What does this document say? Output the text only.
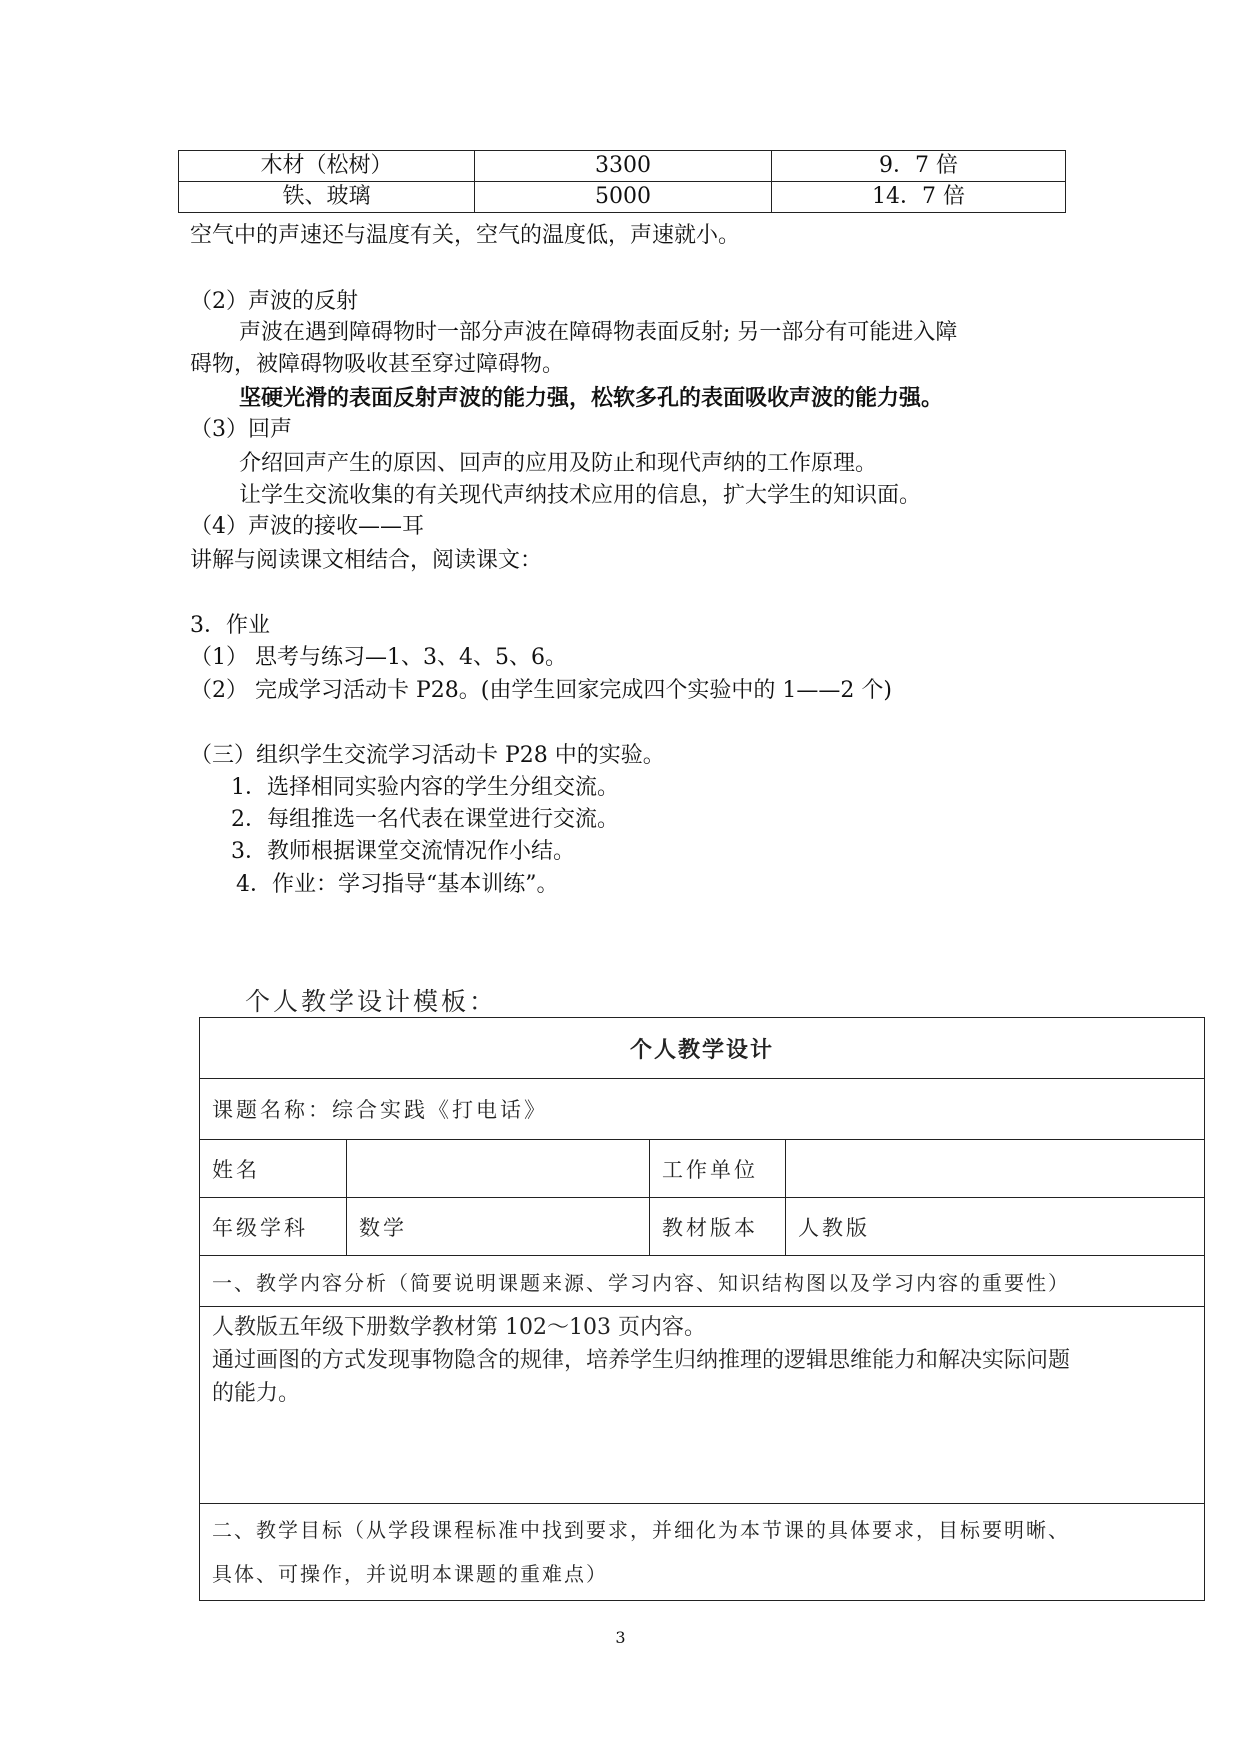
木材（松树）	3300	9．7 倍
铁、玻璃	5000	14．7 倍
空气中的声速还与温度有关，空气的温度低，声速就小。
（2）声波的反射
声波在遇到障碍物时一部分声波在障碍物表面反射; 另一部分有可能进入障
碍物，被障碍物吸收甚至穿过障碍物。
坚硬光滑的表面反射声波的能力强，松软多孔的表面吸收声波的能力强。
（3）回声
介绍回声产生的原因、回声的应用及防止和现代声纳的工作原理。
让学生交流收集的有关现代声纳技术应用的信息，扩大学生的知识面。
（4）声波的接收——耳
讲解与阅读课文相结合，阅读课文：
3．作业
（1） 思考与练习—1、3、4、5、6。
（2） 完成学习活动卡 P28。(由学生回家完成四个实验中的 1——2 个)
（三）组织学生交流学习活动卡 P28 中的实验。
1．选择相同实验内容的学生分组交流。
2．每组推选一名代表在课堂进行交流。
3．教师根据课堂交流情况作小结。
4．作业：学习指导“基本训练”。
个人教学设计模板：
个人教学设计			
课题名称：综合实践《打电话》			
姓名		工作单位	
年级学科	数学	教材版本	人教版
一、教学内容分析（简要说明课题来源、学习内容、知识结构图以及学习内容的重要性）			

人教版五年级下册数学教材第 102～103 页内容。
通过画图的方式发现事物隐含的规律，培养学生归纳推理的逻辑思维能力和解决实际问题
的能力。			

二、教学目标（从学段课程标准中找到要求，并细化为本节课的具体要求，目标要明晰、
具体、可操作，并说明本课题的重难点）			
3
